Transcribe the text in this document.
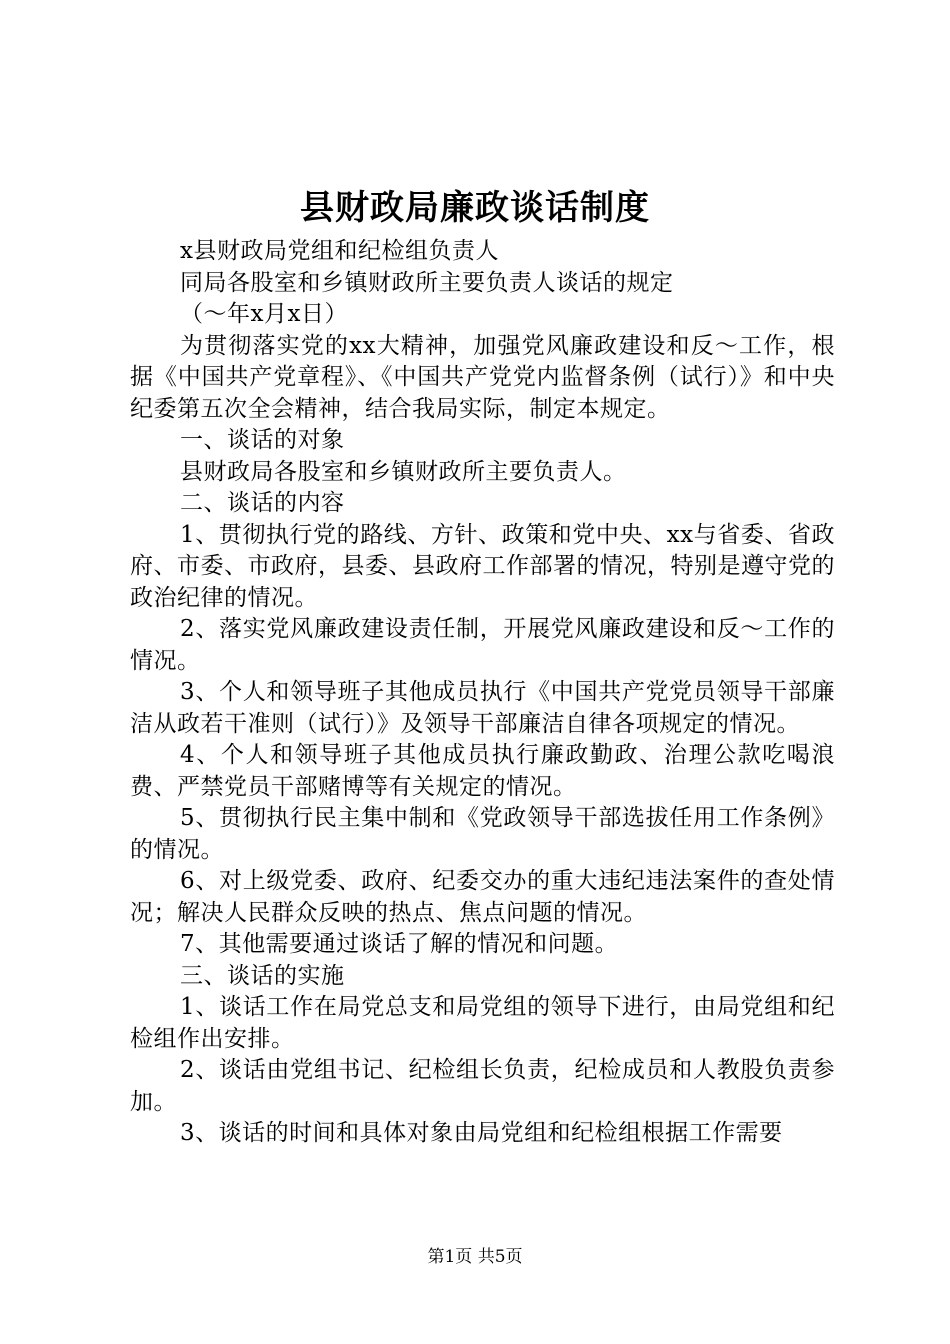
县财政局廉政谈话制度

x县财政局党组和纪检组负责人

同局各股室和乡镇财政所主要负责人谈话的规定

（～年x月x日）

为贯彻落实党的xx大精神，加强党风廉政建设和反～工作，根据《中国共产党章程》、《中国共产党党内监督条例（试行）》和中央纪委第五次全会精神，结合我局实际，制定本规定。

一、谈话的对象

县财政局各股室和乡镇财政所主要负责人。

二、谈话的内容

1、贯彻执行党的路线、方针、政策和党中央、xx与省委、省政府、市委、市政府，县委、县政府工作部署的情况，特别是遵守党的政治纪律的情况。

2、落实党风廉政建设责任制，开展党风廉政建设和反～工作的情况。

3、个人和领导班子其他成员执行《中国共产党党员领导干部廉洁从政若干准则（试行）》及领导干部廉洁自律各项规定的情况。

4、个人和领导班子其他成员执行廉政勤政、治理公款吃喝浪费、严禁党员干部赌博等有关规定的情况。

5、贯彻执行民主集中制和《党政领导干部选拔任用工作条例》的情况。

6、对上级党委、政府、纪委交办的重大违纪违法案件的查处情况；解决人民群众反映的热点、焦点问题的情况。

7、其他需要通过谈话了解的情况和问题。

三、谈话的实施

1、谈话工作在局党总支和局党组的领导下进行，由局党组和纪检组作出安排。

2、谈话由党组书记、纪检组长负责，纪检成员和人教股负责参加。

3、谈话的时间和具体对象由局党组和纪检组根据工作需要

第1页 共5页
